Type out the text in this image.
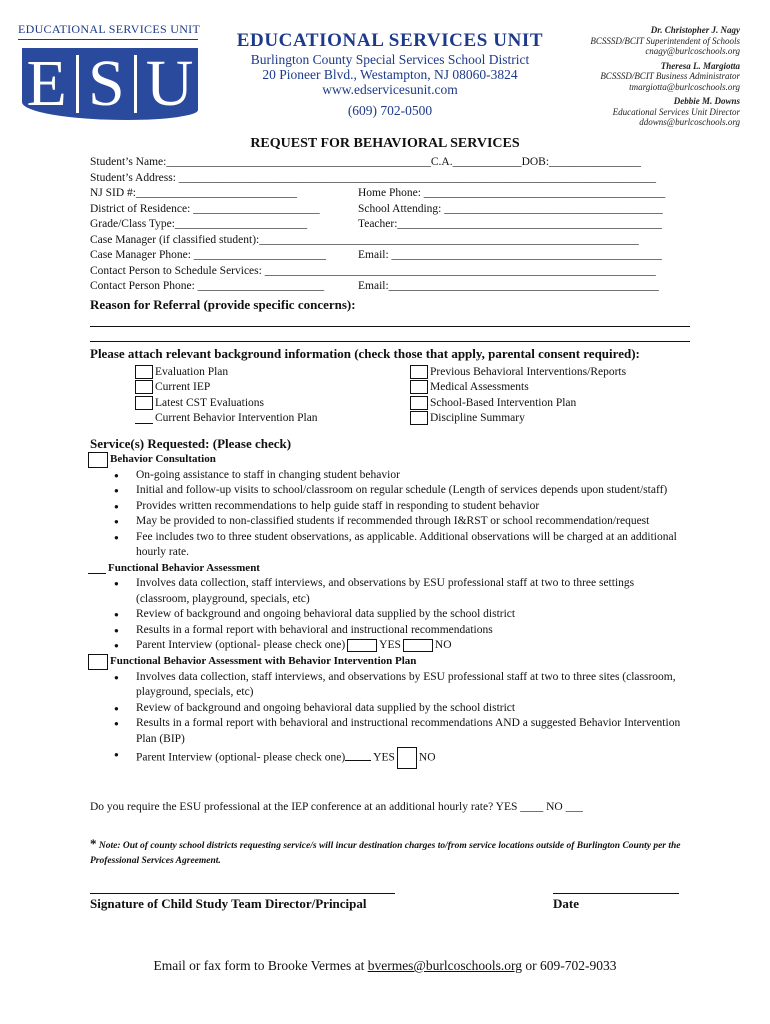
EDUCATIONAL SERVICES UNIT
E S U
EDUCATIONAL SERVICES UNIT
Burlington County Special Services School District
20 Pioneer Blvd., Westampton, NJ 08060-3824
www.edservicesunit.com
(609) 702-0500
Dr. Christopher J. Nagy
BCSSSD/BCIT Superintendent of Schools
cnagy@burlcoschools.org
Theresa L. Margiotta
BCSSSD/BCIT Business Administrator
tmargiotta@burlcoschools.org
Debbie M. Downs
Educational Services Unit Director
ddowns@burlcoschools.org
REQUEST FOR BEHAVIORAL SERVICES
Student’s Name:______________________________________________C.A.____________DOB:________________
Student’s Address: ___________________________________________________________________________________
NJ SID #:____________________________	Home Phone: __________________________________________
District of Residence: ______________________	School Attending: ______________________________________
Grade/Class Type:_______________________	Teacher:______________________________________________
Case Manager (if classified student):__________________________________________________________________
Case Manager Phone: _______________________	Email: _______________________________________________
Contact Person to Schedule Services: ____________________________________________________________________
Contact Person Phone: ______________________	Email:_______________________________________________
Reason for Referral (provide specific concerns):
Please attach relevant background information (check those that apply, parental consent required):
Evaluation Plan
Current IEP
Latest CST Evaluations
Current Behavior Intervention Plan
Previous Behavioral Interventions/Reports
Medical Assessments
School-Based Intervention Plan
Discipline Summary
Service(s) Requested: (Please check)
Behavior Consultation
● On-going assistance to staff in changing student behavior
● Initial and follow-up visits to school/classroom on regular schedule (Length of services depends upon student/staff)
● Provides written recommendations to help guide staff in responding to student behavior
● May be provided to non-classified students if recommended through I&RST or school recommendation/request
● Fee includes two to three student observations, as applicable. Additional observations will be charged at an additional hourly rate.
Functional Behavior Assessment
● Involves data collection, staff interviews, and observations by ESU professional staff at two to three settings (classroom, playground, specials, etc)
● Review of background and ongoing behavioral data supplied by the school district
● Results in a formal report with behavioral and instructional recommendations
● Parent Interview (optional- please check one)	YES	NO
Functional Behavior Assessment with Behavior Intervention Plan
● Involves data collection, staff interviews, and observations by ESU professional staff at two to three sites (classroom, playground, specials, etc)
● Review of background and ongoing behavioral data supplied by the school district
● Results in a formal report with behavioral and instructional recommendations AND a suggested Behavior Intervention Plan (BIP)
● Parent Interview (optional- please check one) YES NO
Do you require the ESU professional at the IEP conference at an additional hourly rate? YES ____ NO ___
* Note: Out of county school districts requesting service/s will incur destination charges to/from service locations outside of Burlington County per the Professional Services Agreement.
Signature of Child Study Team Director/Principal	Date
Email or fax form to Brooke Vermes at bvermes@burlcoschools.org or 609-702-9033
